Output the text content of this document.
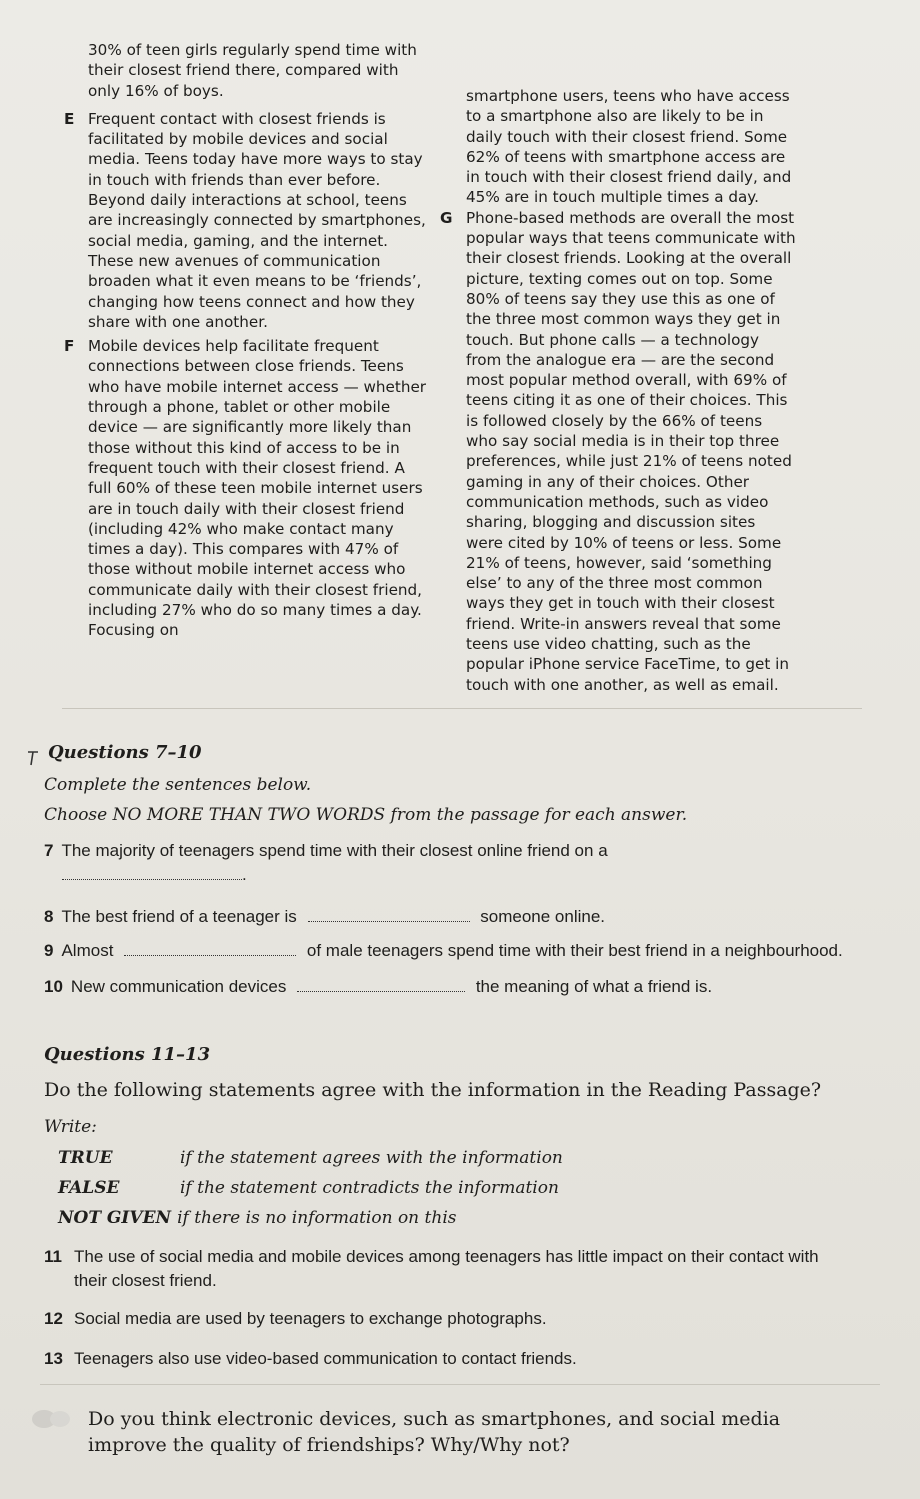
30% of teen girls regularly spend time with their closest friend there, compared with only 16% of boys.

E Frequent contact with closest friends is facilitated by mobile devices and social media. Teens today have more ways to stay in touch with friends than ever before. Beyond daily interactions at school, teens are increasingly connected by smartphones, social media, gaming, and the internet. These new avenues of communication broaden what it even means to be ‘friends’, changing how teens connect and how they share with one another.

F Mobile devices help facilitate frequent connections between close friends. Teens who have mobile internet access — whether through a phone, tablet or other mobile device — are significantly more likely than those without this kind of access to be in frequent touch with their closest friend. A full 60% of these teen mobile internet users are in touch daily with their closest friend (including 42% who make contact many times a day). This compares with 47% of those without mobile internet access who communicate daily with their closest friend, including 27% who do so many times a day. Focusing on

smartphone users, teens who have access to a smartphone also are likely to be in daily touch with their closest friend. Some 62% of teens with smartphone access are in touch with their closest friend daily, and 45% are in touch multiple times a day.

G Phone-based methods are overall the most popular ways that teens communicate with their closest friends. Looking at the overall picture, texting comes out on top. Some 80% of teens say they use this as one of the three most common ways they get in touch. But phone calls — a technology from the analogue era — are the second most popular method overall, with 69% of teens citing it as one of their choices. This is followed closely by the 66% of teens who say social media is in their top three preferences, while just 21% of teens noted gaming in any of their choices. Other communication methods, such as video sharing, blogging and discussion sites were cited by 10% of teens or less. Some 21% of teens, however, said ‘something else’ to any of the three most common ways they get in touch with their closest friend. Write-in answers reveal that some teens use video chatting, such as the popular iPhone service FaceTime, to get in touch with one another, as well as email.

Questions 7–10

Complete the sentences below.

Choose NO MORE THAN TWO WORDS from the passage for each answer.

7 The majority of teenagers spend time with their closest online friend on a
.

8 The best friend of a teenager is	someone online.

9 Almost	of male teenagers spend time with their best friend in a neighbourhood.

10 New communication devices	the meaning of what a friend is.

Questions 11–13

Do the following statements agree with the information in the Reading Passage?

Write:

TRUE	if the statement agrees with the information

FALSE	if the statement contradicts the information

NOT GIVEN if there is no information on this

11 The use of social media and mobile devices among teenagers has little impact on their contact with their closest friend.

12 Social media are used by teenagers to exchange photographs.

13 Teenagers also use video-based communication to contact friends.

Do you think electronic devices, such as smartphones, and social media improve the quality of friendships? Why/Why not?
